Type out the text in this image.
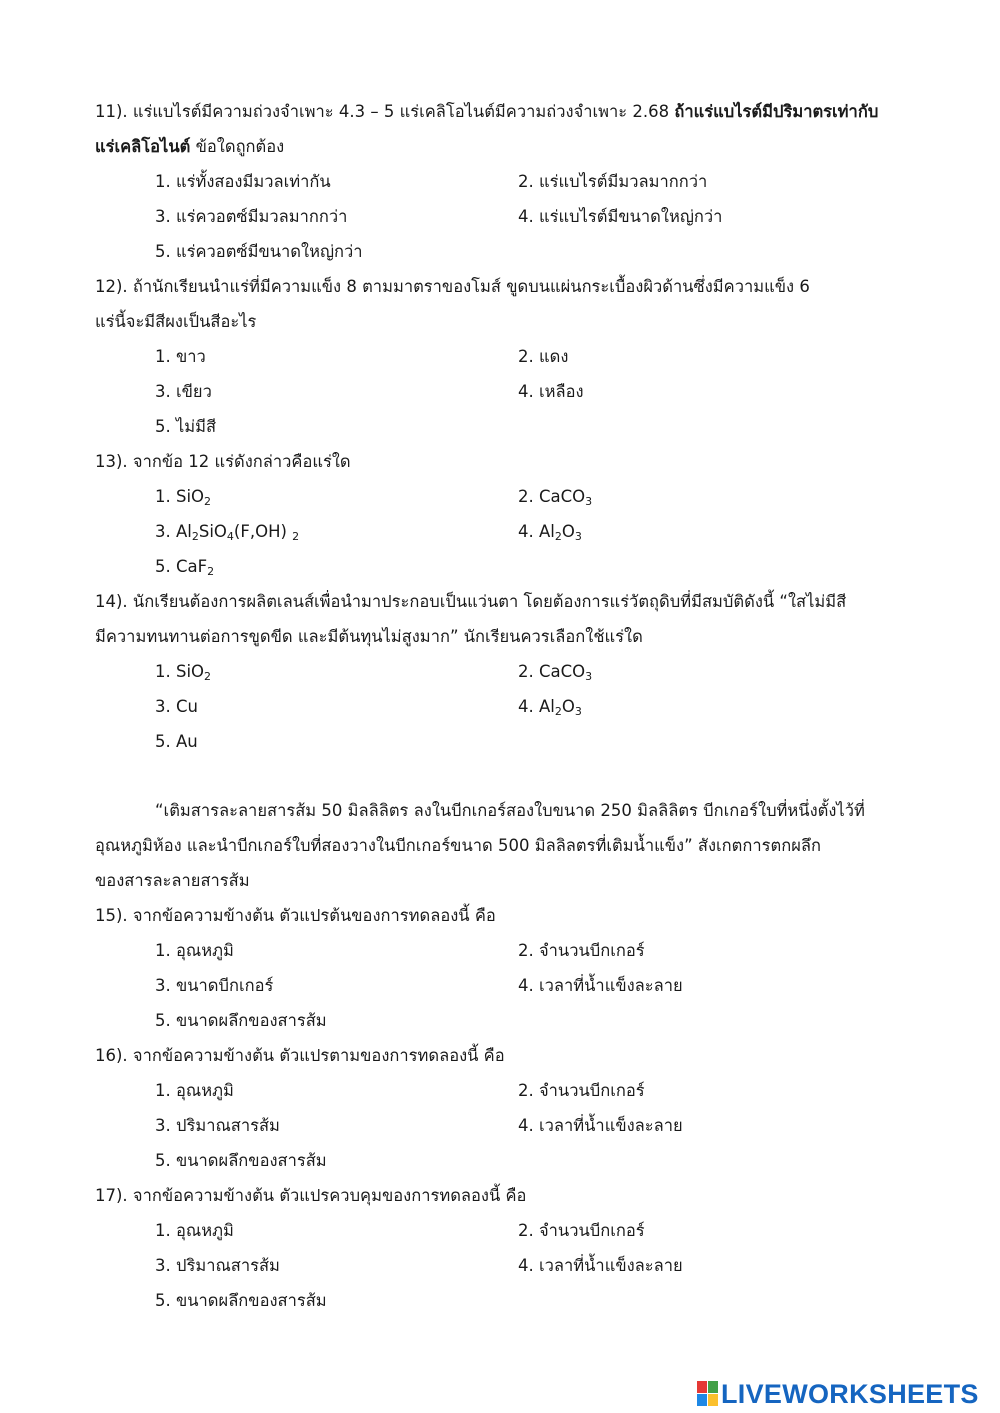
11). แร่แบไรต์มีความถ่วงจำเพาะ 4.3 – 5 แร่เคลิโอไนต์มีความถ่วงจำเพาะ 2.68 ถ้าแร่แบไรต์มีปริมาตรเท่ากับ
แร่เคลิโอไนต์ ข้อใดถูกต้อง
1. แร่ทั้งสองมีมวลเท่ากัน	2. แร่แบไรต์มีมวลมากกว่า
3. แร่ควอตซ์มีมวลมากกว่า	4. แร่แบไรต์มีขนาดใหญ่กว่า
5. แร่ควอตซ์มีขนาดใหญ่กว่า
12). ถ้านักเรียนนำแร่ที่มีความแข็ง 8 ตามมาตราของโมส์ ขูดบนแผ่นกระเบื้องผิวด้านซึ่งมีความแข็ง 6
แร่นี้จะมีสีผงเป็นสีอะไร
1. ขาว	2. แดง
3. เขียว	4. เหลือง
5. ไม่มีสี
13). จากข้อ 12 แร่ดังกล่าวคือแร่ใด
1. SiO$_2$	2. CaCO$_3$
3. $Al_2SiO_4(F,OH)$ $_2$	4. $Al_2O_3$
5. CaF$_2$
14). นักเรียนต้องการผลิตเลนส์เพื่อนำมาประกอบเป็นแว่นตา โดยต้องการแร่วัตถุดิบที่มีสมบัติดังนี้ “ใสไม่มีสี
มีความทนทานต่อการขูดขีด และมีต้นทุนไม่สูงมาก” นักเรียนควรเลือกใช้แร่ใด
1. SiO$_2$	2. CaCO$_3$
3. Cu	4. $Al_2O_3$
5. Au
“เติมสารละลายสารส้ม 50 มิลลิลิตร ลงในบีกเกอร์สองใบขนาด 250 มิลลิลิตร บีกเกอร์ใบที่หนึ่งตั้งไว้ที่
อุณหภูมิห้อง และนำบีกเกอร์ใบที่สองวางในบีกเกอร์ขนาด 500 มิลลิลตรที่เติมน้ำแข็ง” สังเกตการตกผลึก
ของสารละลายสารส้ม
15). จากข้อความข้างต้น ตัวแปรต้นของการทดลองนี้ คือ
1. อุณหภูมิ	2. จำนวนบีกเกอร์
3. ขนาดบีกเกอร์	4. เวลาที่น้ำแข็งละลาย
5. ขนาดผลึกของสารส้ม
16). จากข้อความข้างต้น ตัวแปรตามของการทดลองนี้ คือ
1. อุณหภูมิ	2. จำนวนบีกเกอร์
3. ปริมาณสารส้ม	4. เวลาที่น้ำแข็งละลาย
5. ขนาดผลึกของสารส้ม
17). จากข้อความข้างต้น ตัวแปรควบคุมของการทดลองนี้ คือ
1. อุณหภูมิ	2. จำนวนบีกเกอร์
3. ปริมาณสารส้ม	4. เวลาที่น้ำแข็งละลาย
5. ขนาดผลึกของสารส้ม
LIVEWORKSHEETS
